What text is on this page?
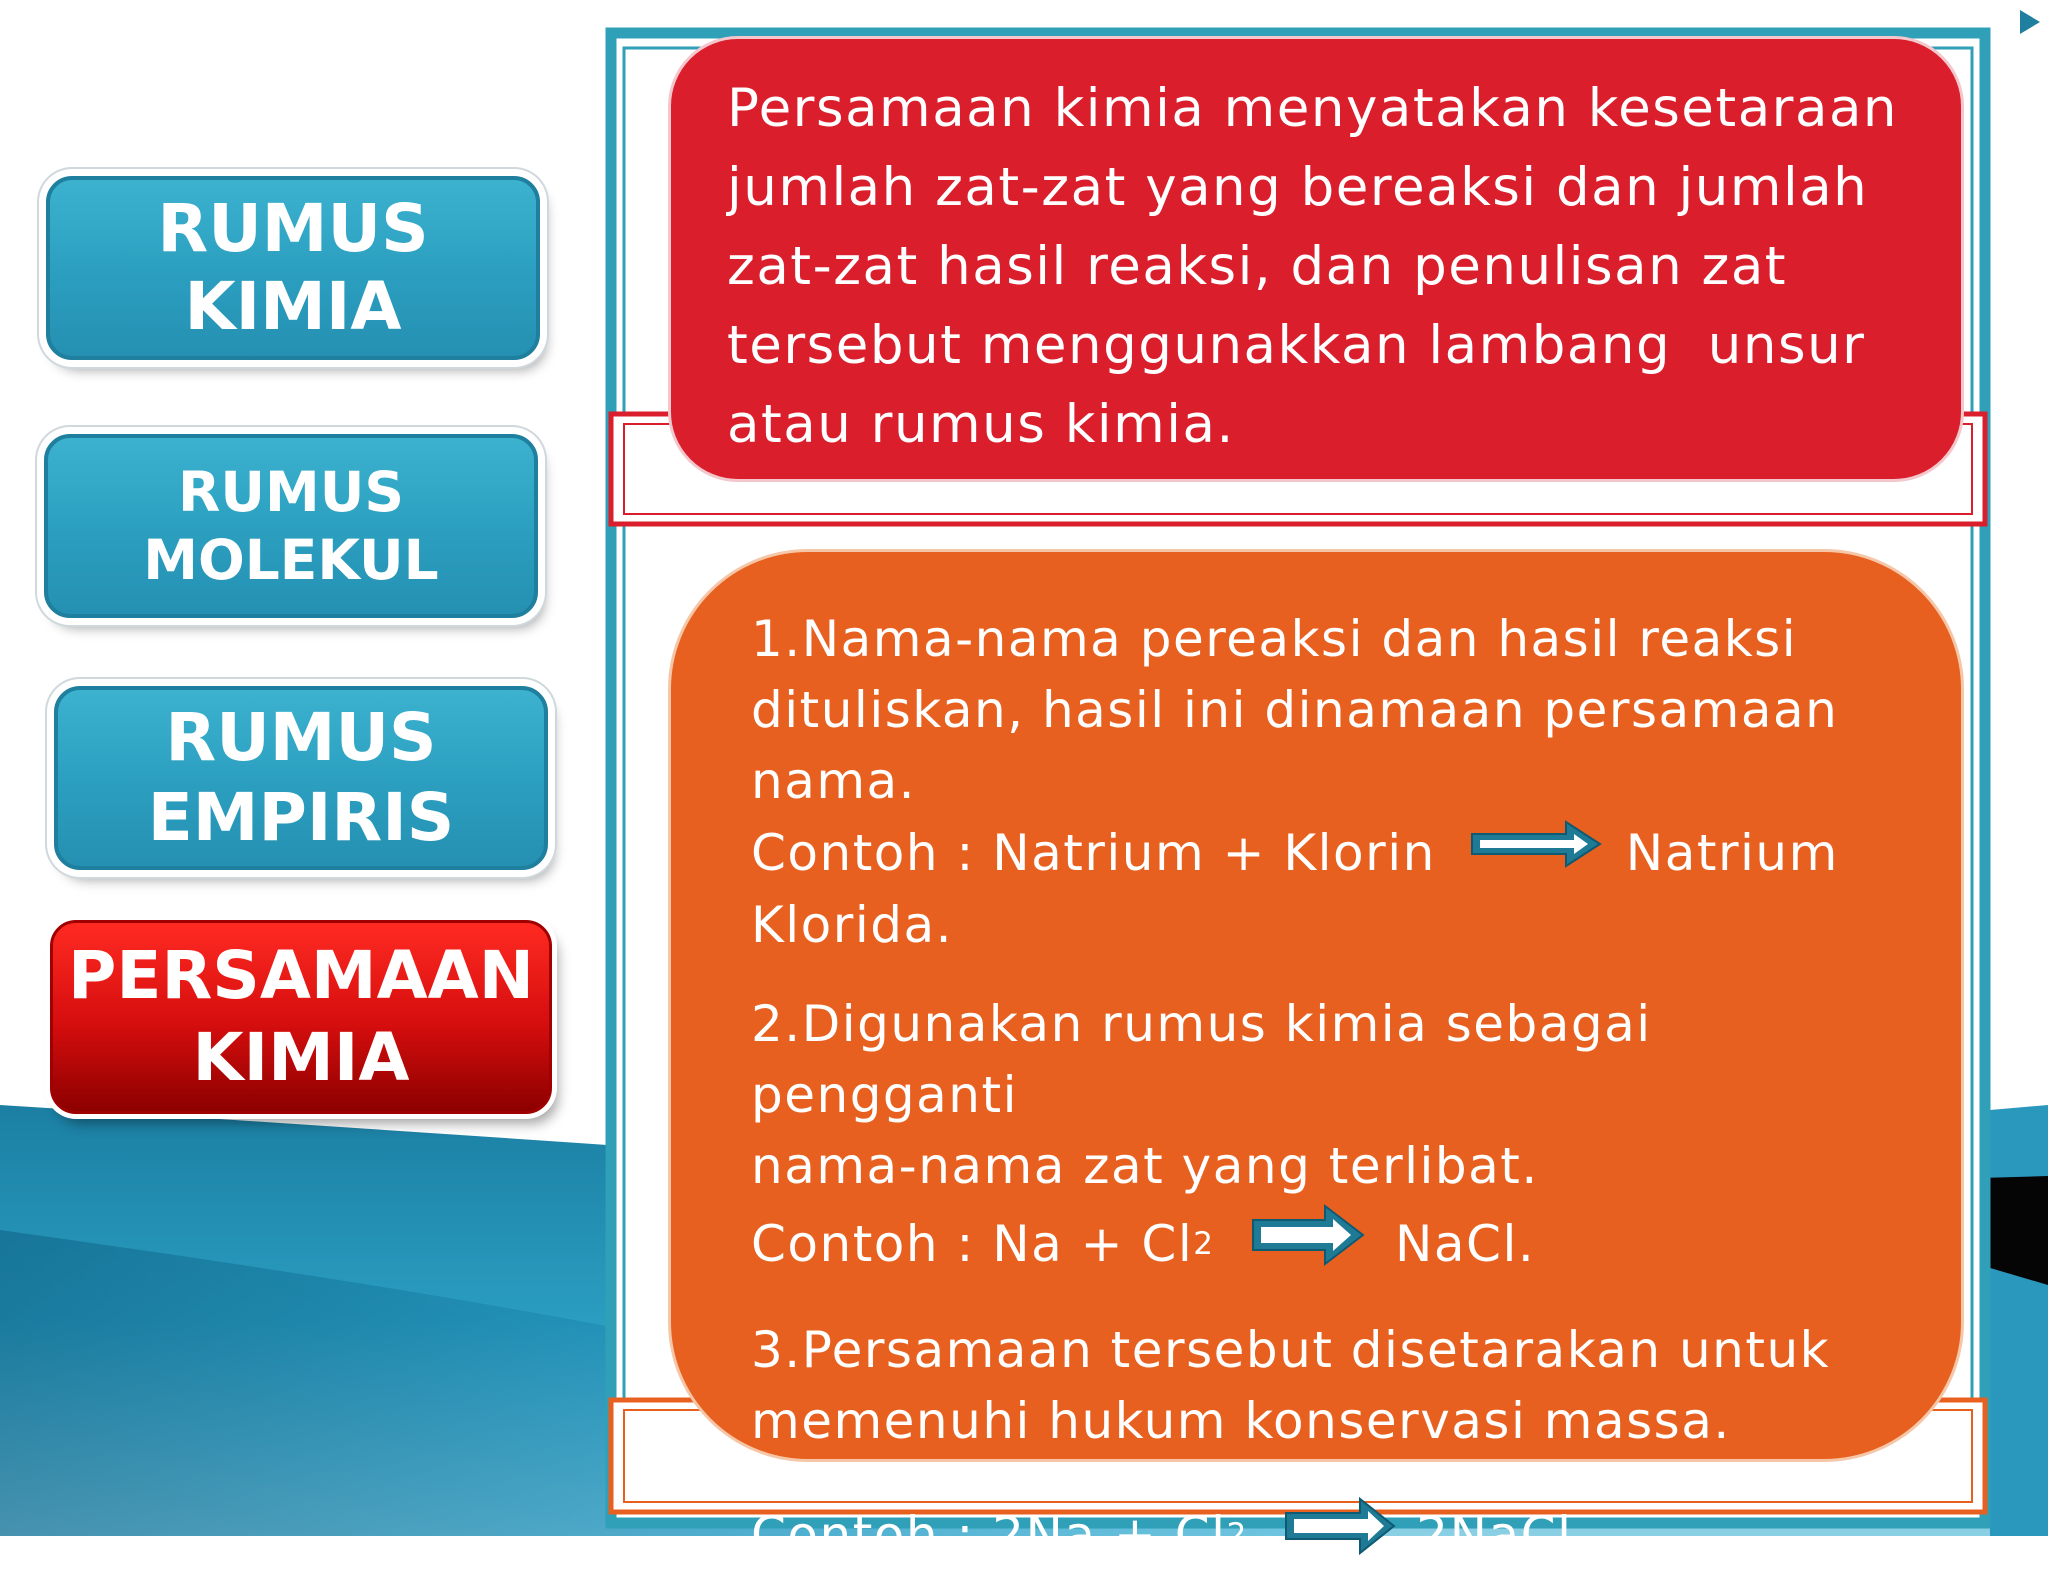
RUMUS
KIMIA
RUMUS
MOLEKUL
RUMUS
EMPIRIS
PERSAMAAN
KIMIA
Persamaan kimia menyatakan kesetaraan
jumlah zat-zat yang bereaksi dan jumlah
zat-zat hasil reaksi, dan penulisan zat
tersebut menggunakkan lambang  unsur
atau rumus kimia.

1.Nama-nama pereaksi dan hasil reaksi

dituliskan, hasil ini dinamaan persamaan

nama.

Contoh : Natrium + Klorin	Natrium

Klorida.

2.Digunakan rumus kimia sebagai pengganti

nama-nama zat yang terlibat.

Contoh : Na + Cl 2	NaCl.

3.Persamaan tersebut disetarakan untuk

memenuhi hukum konservasi massa.

Contoh : 2Na + Cl 2	2NaCl
